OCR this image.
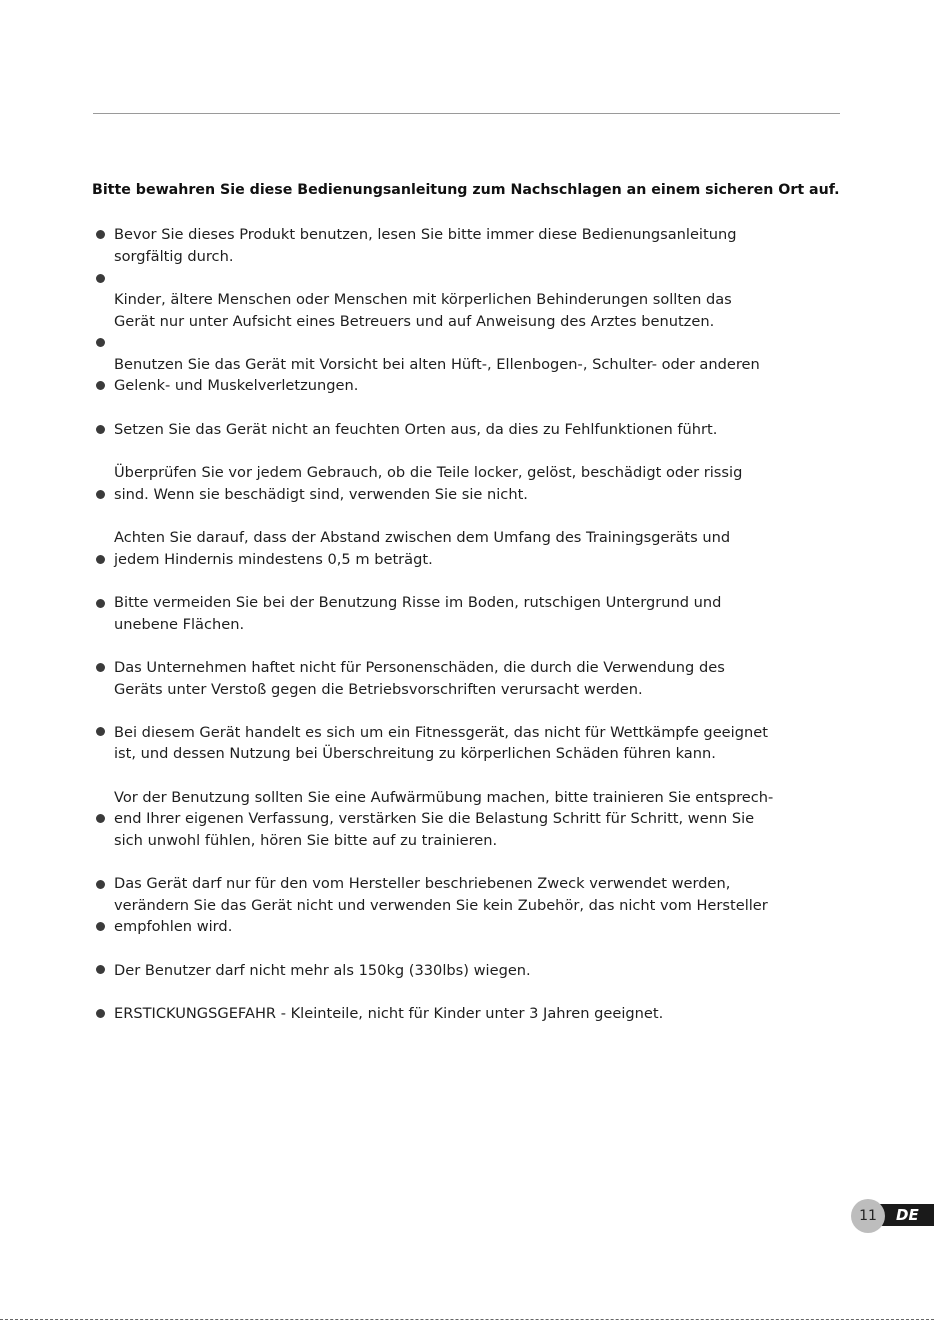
Bitte bewahren Sie diese Bedienungsanleitung zum Nachschlagen an einem sicheren Ort auf.
Bevor Sie dieses Produkt benutzen, lesen Sie bitte immer diese Bedienungsanleitung
sorgfältig durch.
Kinder, ältere Menschen oder Menschen mit körperlichen Behinderungen sollten das
Gerät nur unter Aufsicht eines Betreuers und auf Anweisung des Arztes benutzen.
Benutzen Sie das Gerät mit Vorsicht bei alten Hüft-, Ellenbogen-, Schulter- oder anderen
Gelenk- und Muskelverletzungen.
Setzen Sie das Gerät nicht an feuchten Orten aus, da dies zu Fehlfunktionen führt.
Überprüfen Sie vor jedem Gebrauch, ob die Teile locker, gelöst, beschädigt oder rissig
sind. Wenn sie beschädigt sind, verwenden Sie sie nicht.
Achten Sie darauf, dass der Abstand zwischen dem Umfang des Trainingsgeräts und
jedem Hindernis mindestens 0,5 m beträgt.
Bitte vermeiden Sie bei der Benutzung Risse im Boden, rutschigen Untergrund und
unebene Flächen.
Das Unternehmen haftet nicht für Personenschäden, die durch die Verwendung des
Geräts unter Verstoß gegen die Betriebsvorschriften verursacht werden.
Bei diesem Gerät handelt es sich um ein Fitnessgerät, das nicht für Wettkämpfe geeignet
ist, und dessen Nutzung bei Überschreitung zu körperlichen Schäden führen kann.
Vor der Benutzung sollten Sie eine Aufwärmübung machen, bitte trainieren Sie entsprech-
end Ihrer eigenen Verfassung, verstärken Sie die Belastung Schritt für Schritt, wenn Sie
sich unwohl fühlen, hören Sie bitte auf zu trainieren.
Das Gerät darf nur für den vom Hersteller beschriebenen Zweck verwendet werden,
verändern Sie das Gerät nicht und verwenden Sie kein Zubehör, das nicht vom Hersteller
empfohlen wird.
Der Benutzer darf nicht mehr als 150kg (330lbs) wiegen.
ERSTICKUNGSGEFAHR - Kleinteile, nicht für Kinder unter 3 Jahren geeignet.
DE
11
